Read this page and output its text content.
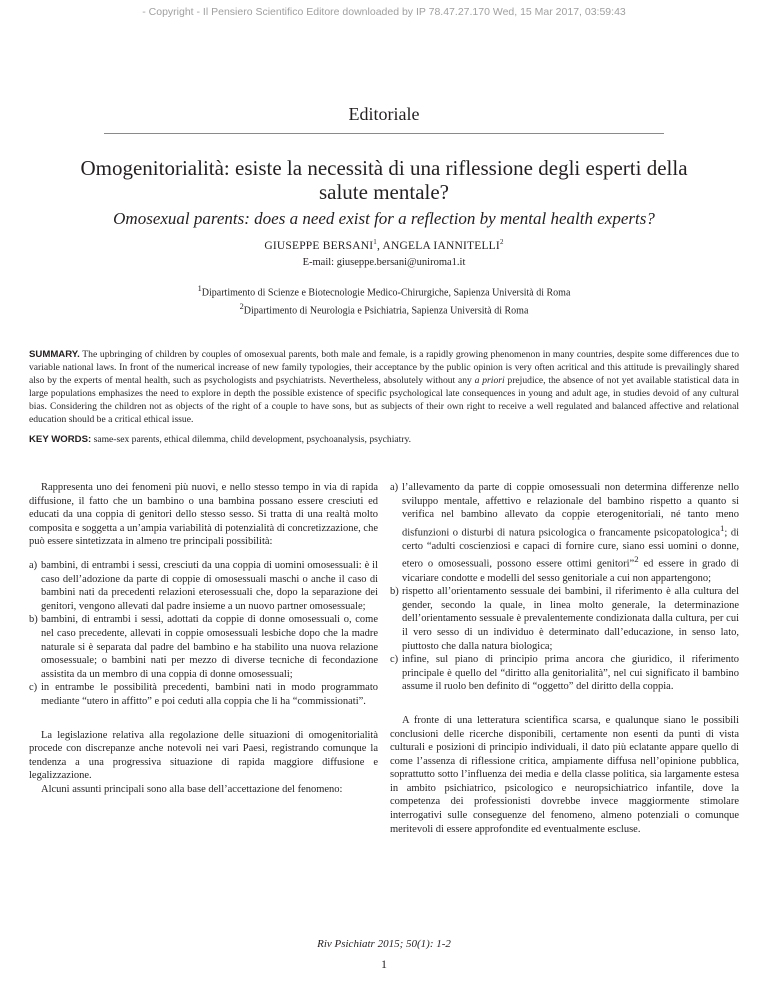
- Copyright - Il Pensiero Scientifico Editore downloaded by IP 78.47.27.170 Wed, 15 Mar 2017, 03:59:43
Editoriale
Omogenitorialità: esiste la necessità di una riflessione degli esperti della salute mentale?
Omosexual parents: does a need exist for a reflection by mental health experts?
GIUSEPPE BERSANI$^1$, ANGELA IANNITELLI$^2$
E-mail: giuseppe.bersani@uniroma1.it
$^1$Dipartimento di Scienze e Biotecnologie Medico-Chirurgiche, Sapienza Università di Roma
$^2$Dipartimento di Neurologia e Psichiatria, Sapienza Università di Roma
SUMMARY. The upbringing of children by couples of omosexual parents, both male and female, is a rapidly growing phenomenon in many countries, despite some differences due to variable national laws. In front of the numerical increase of new family typologies, their acceptance by the public opinion is very often acritical and this attitude is prevailingly shared also by the experts of mental health, such as psychologists and psychiatrists. Nevertheless, absolutely without any a priori prejudice, the absence of not yet available statistical data in large populations emphasizes the need to explore in depth the possible existence of specific psychological late consequences in young and adult age, in studies devoid of any cultural bias. Considering the children not as objects of the right of a couple to have sons, but as subjects of their own right to receive a well regulated and balanced affective and relational education should be a critical ethical issue.
KEY WORDS: same-sex parents, ethical dilemma, child development, psychoanalysis, psychiatry.

Rappresenta uno dei fenomeni più nuovi, e nello stesso tempo in via di rapida diffusione, il fatto che un bambino o una bambina possano essere cresciuti ed educati da una coppia di genitori dello stesso sesso. Si tratta di una realtà molto composita e soggetta a un’ampia variabilità di potenzialità di concretizzazione, che può essere sintetizzata in almeno tre principali possibilità:

a) bambini, di entrambi i sessi, cresciuti da una coppia di uomini omosessuali: è il caso dell’adozione da parte di coppie di omosessuali maschi o anche il caso di bambini nati da precedenti relazioni eterosessuali che, dopo la separazione dei genitori, vengono allevati dal padre insieme a un nuovo partner omosessuale;
b) bambini, di entrambi i sessi, adottati da coppie di donne omosessuali o, come nel caso precedente, allevati in coppie omosessuali lesbiche dopo che la madre naturale si è separata dal padre del bambino e ha stabilito una nuova relazione omosessuale; o bambini nati per mezzo di diverse tecniche di fecondazione assistita da un membro di una coppia di donne omosessuali;
c) in entrambe le possibilità precedenti, bambini nati in modo programmato mediante “utero in affitto” e poi ceduti alla coppia che li ha “commissionati”.

La legislazione relativa alla regolazione delle situazioni di omogenitorialità procede con discrepanze anche notevoli nei vari Paesi, registrando comunque la tendenza a una progressiva situazione di rapida maggiore diffusione e legalizzazione.

Alcuni assunti principali sono alla base dell’accettazione del fenomeno:

a) l’allevamento da parte di coppie omosessuali non determina differenze nello sviluppo mentale, affettivo e relazionale del bambino rispetto a quanto si verifica nel bambino allevato da coppie eterogenitoriali, né tanto meno disfunzioni o disturbi di natura psicologica o francamente psicopatologica$^1$; di certo “adulti coscienziosi e capaci di fornire cure, siano essi uomini o donne, etero o omosessuali, possono essere ottimi genitori”$^2$ ed essere in grado di vicariare condotte e modelli del sesso genitoriale a cui non appartengono;
b) rispetto all’orientamento sessuale dei bambini, il riferimento è alla cultura del gender, secondo la quale, in linea molto generale, la determinazione dell’orientamento sessuale è prevalentemente condizionata dalla cultura, per cui il vero sesso di un individuo è determinato dall’educazione, in senso lato, piuttosto che dalla natura biologica;
c) infine, sul piano di principio prima ancora che giuridico, il riferimento principale è quello del “diritto alla genitorialità”, nel cui significato il bambino assume il ruolo ben definito di “oggetto” del diritto della coppia.

A fronte di una letteratura scientifica scarsa, e qualunque siano le possibili conclusioni delle ricerche disponibili, certamente non esenti da punti di vista culturali e posizioni di principio individuali, il dato più eclatante appare quello di come l’assenza di riflessione critica, ampiamente diffusa nell’opinione pubblica, soprattutto sotto l’influenza dei media e della classe politica, sia largamente estesa in ambito psichiatrico, psicologico e neuropsichiatrico infantile, dove la competenza dei professionisti dovrebbe invece maggiormente stimolare interrogativi sulle conseguenze del fenomeno, almeno potenziali o comunque meritevoli di essere approfondite ed eventualmente escluse.

Riv Psichiatr 2015; 50(1): 1-2
1
